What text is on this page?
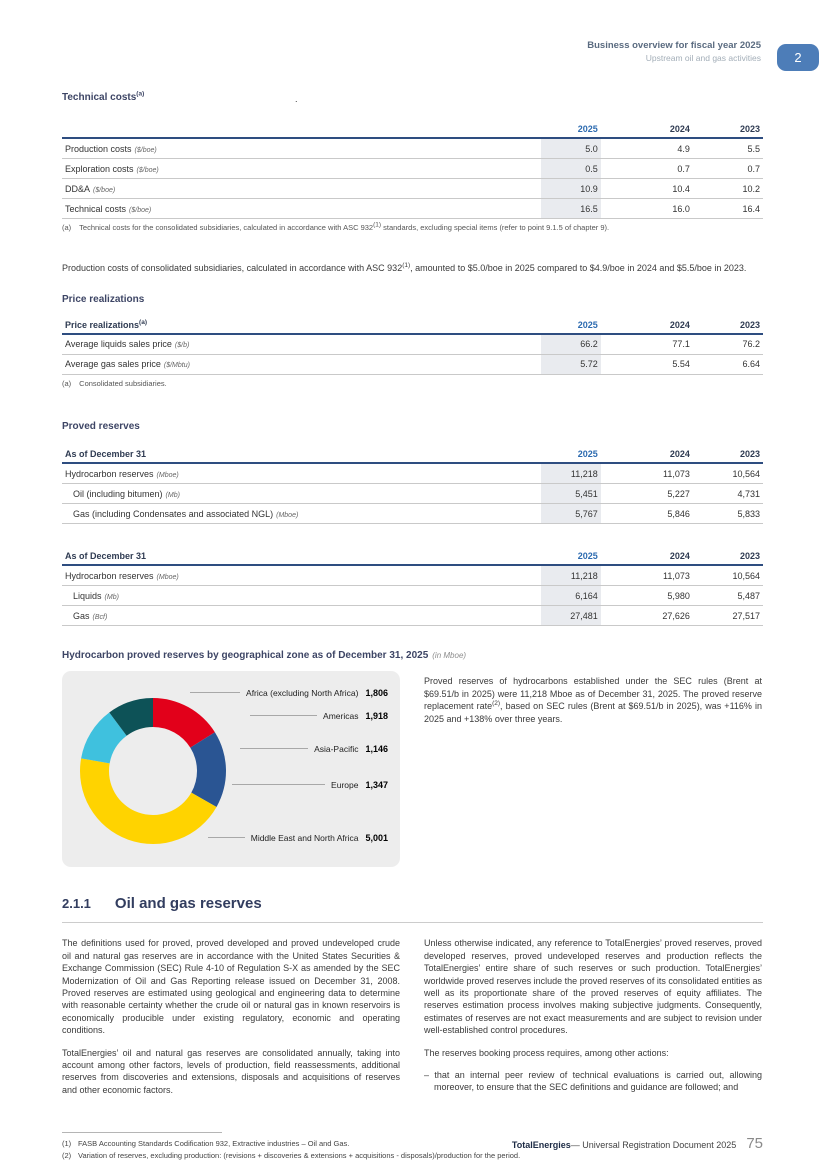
Business overview for fiscal year 2025
Upstream oil and gas activities	2
Technical costs$^{(a)}$	.
	2025	2024	2023
Production costs ($/boe)	5.0	4.9	5.5
Exploration costs ($/boe)	0.5	0.7	0.7
DD&A ($/boe)	10.9	10.4	10.2
Technical costs ($/boe)	16.5	16.0	16.4
(a) Technical costs for the consolidated subsidiaries, calculated in accordance with ASC 932$^{(1)}$ standards, excluding special items (refer to point 9.1.5 of chapter 9).

Production costs of consolidated subsidiaries, calculated in accordance with ASC 932$^{(1)}$, amounted to $5.0/boe in 2025 compared to $4.9/boe in 2024 and $5.5/boe in 2023.

Price realizations
Price realizations$^{(a)}$	2025	2024	2023
Average liquids sales price ($/b)	66.2	77.1	76.2
Average gas sales price ($/Mbtu)	5.72	5.54	6.64
(a) Consolidated subsidiaries.
Proved reserves
As of December 31	2025	2024	2023
Hydrocarbon reserves (Mboe)	11,218	11,073	10,564
Oil (including bitumen) (Mb)	5,451	5,227	4,731
Gas (including Condensates and associated NGL) (Mboe)	5,767	5,846	5,833
As of December 31	2025	2024	2023
Hydrocarbon reserves (Mboe)	11,218	11,073	10,564
Liquids (Mb)	6,164	5,980	5,487
Gas (Bcf)	27,481	27,626	27,517
Hydrocarbon proved reserves by geographical zone as of December 31, 2025 (in Mboe)
Africa (excluding North Africa) 1,806
Americas 1,918
Asia-Pacific 1,146
Europe 1,347
Middle East and North Africa 5,001

Proved reserves of hydrocarbons established under the SEC rules (Brent at $69.51/b in 2025) were 11,218 Mboe as of December 31, 2025. The proved reserve replacement rate$^{(2)}$, based on SEC rules (Brent at $69.51/b in 2025), was +116% in 2025 and +138% over three years.

2.1.1 Oil and gas reserves

The definitions used for proved, proved developed and proved undeveloped crude oil and natural gas reserves are in accordance with the United States Securities & Exchange Commission (SEC) Rule 4-10 of Regulation S-X as amended by the SEC Modernization of Oil and Gas Reporting release issued on December 31, 2008. Proved reserves are estimated using geological and engineering data to determine with reasonable certainty whether the crude oil or natural gas in known reservoirs is economically producible under existing regulatory, economic and operating conditions.

TotalEnergies’ oil and natural gas reserves are consolidated annually, taking into account among other factors, levels of production, field reassessments, additional reserves from discoveries and extensions, disposals and acquisitions of reserves and other economic factors.

Unless otherwise indicated, any reference to TotalEnergies’ proved reserves, proved developed reserves, proved undeveloped reserves and production reflects the TotalEnergies’ entire share of such reserves or such production. TotalEnergies’ worldwide proved reserves include the proved reserves of its consolidated entities as well as its proportionate share of the proved reserves of equity affiliates. The reserves estimation process involves making subjective judgments. Consequently, estimates of reserves are not exact measurements and are subject to revision under well-established control procedures.

The reserves booking process requires, among other actions:

– that an internal peer review of technical evaluations is carried out, allowing moreover, to ensure that the SEC definitions and guidance are followed; and

(1) FASB Accounting Standards Codification 932, Extractive industries – Oil and Gas.
(2) Variation of reserves, excluding production: (revisions + discoveries & extensions + acquisitions - disposals)/production for the period.
TotalEnergies — Universal Registration Document 2025 75
